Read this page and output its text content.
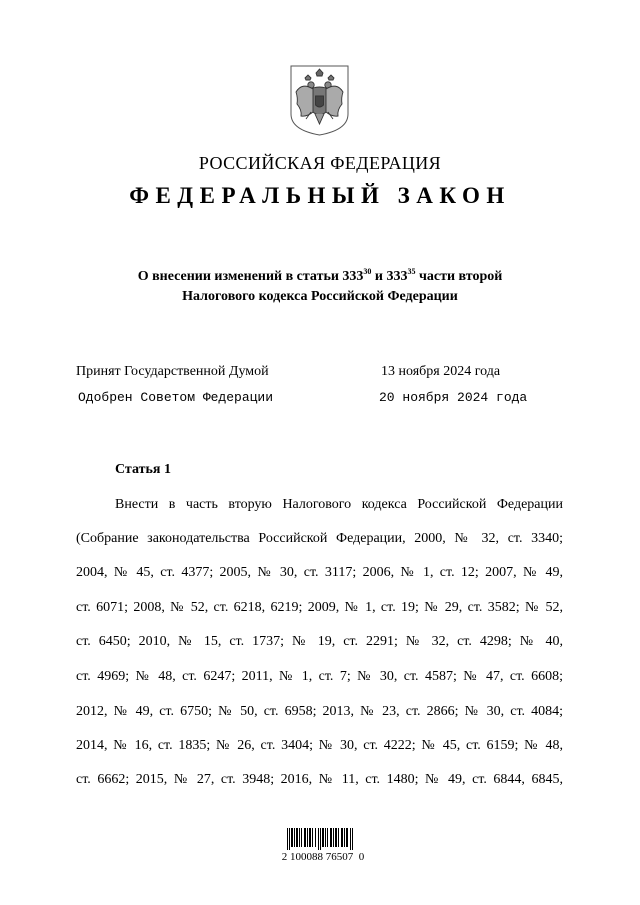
РОССИЙСКАЯ ФЕДЕРАЦИЯ
ФЕДЕРАЛЬНЫЙ ЗАКОН
О внесении изменений в статьи $333^{30}$ и $333^{35}$ части второй
Налогового кодекса Российской Федерации
Принят Государственной Думой	13 ноября 2024 года
Одобрен Советом Федерации	20 ноября 2024 года
Статья 1
Внести в часть вторую Налогового кодекса Российской Федерации
(Собрание законодательства Российской Федерации, 2000, № 32, ст. 3340;
2004, № 45, ст. 4377; 2005, № 30, ст. 3117; 2006, № 1, ст. 12; 2007, № 49,
ст. 6071; 2008, № 52, ст. 6218, 6219; 2009, № 1, ст. 19; № 29, ст. 3582; № 52,
ст. 6450; 2010, № 15, ст. 1737; № 19, ст. 2291; № 32, ст. 4298; № 40,
ст. 4969; № 48, ст. 6247; 2011, № 1, ст. 7; № 30, ст. 4587; № 47, ст. 6608;
2012, № 49, ст. 6750; № 50, ст. 6958; 2013, № 23, ст. 2866; № 30, ст. 4084;
2014, № 16, ст. 1835; № 26, ст. 3404; № 30, ст. 4222; № 45, ст. 6159; № 48,
ст. 6662; 2015, № 27, ст. 3948; 2016, № 11, ст. 1480; № 49, ст. 6844, 6845,
2 100088 76507  0
